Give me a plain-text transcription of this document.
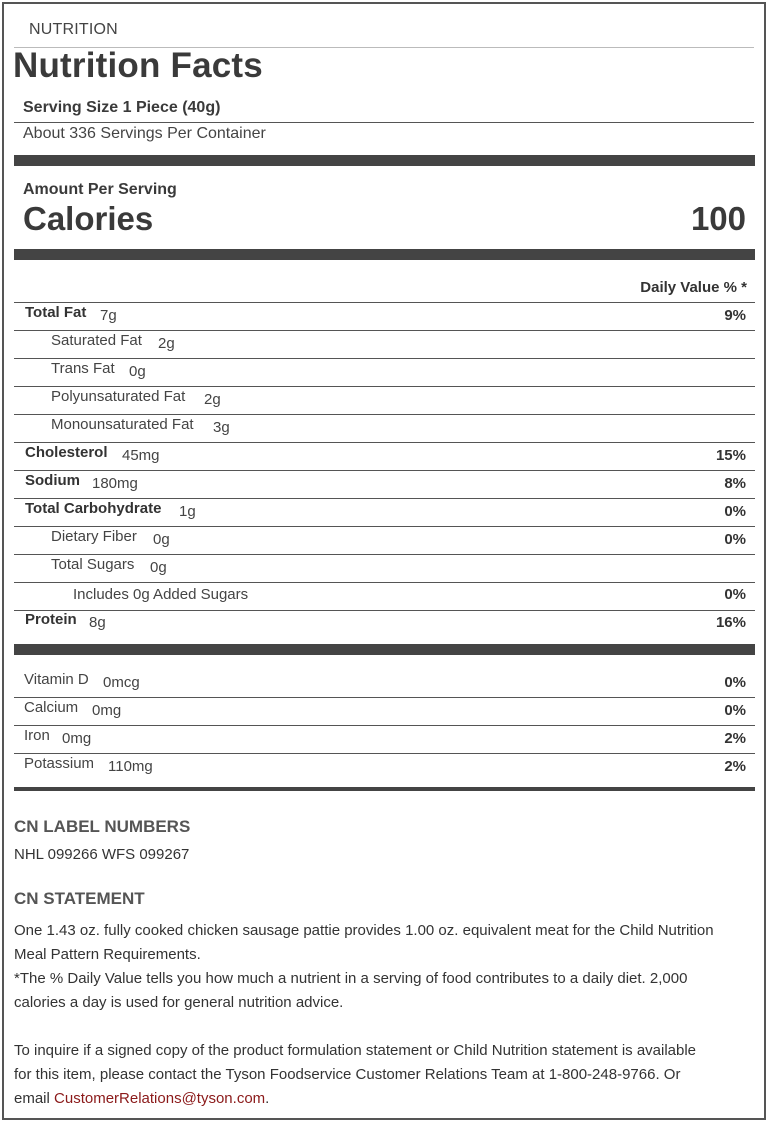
NUTRITION
Nutrition Facts
Serving Size 1 Piece (40g)
About 336 Servings Per Container
Amount Per Serving
Calories	100
Daily Value % *
Total Fat 7g	9%
Saturated Fat 2g
Trans Fat 0g
Polyunsaturated Fat 2g
Monounsaturated Fat 3g
Cholesterol 45mg	15%
Sodium 180mg	8%
Total Carbohydrate 1g	0%
Dietary Fiber 0g	0%
Total Sugars 0g
Includes 0g Added Sugars	0%
Protein 8g	16%
Vitamin D 0mcg	0%
Calcium 0mg	0%
Iron 0mg	2%
Potassium 110mg	2%
CN LABEL NUMBERS
NHL 099266 WFS 099267
CN STATEMENT
One 1.43 oz. fully cooked chicken sausage pattie provides 1.00 oz. equivalent meat for the Child Nutrition
Meal Pattern Requirements.
*The % Daily Value tells you how much a nutrient in a serving of food contributes to a daily diet. 2,000
calories a day is used for general nutrition advice.
To inquire if a signed copy of the product formulation statement or Child Nutrition statement is available
for this item, please contact the Tyson Foodservice Customer Relations Team at 1-800-248-9766. Or
email CustomerRelations@tyson.com.
